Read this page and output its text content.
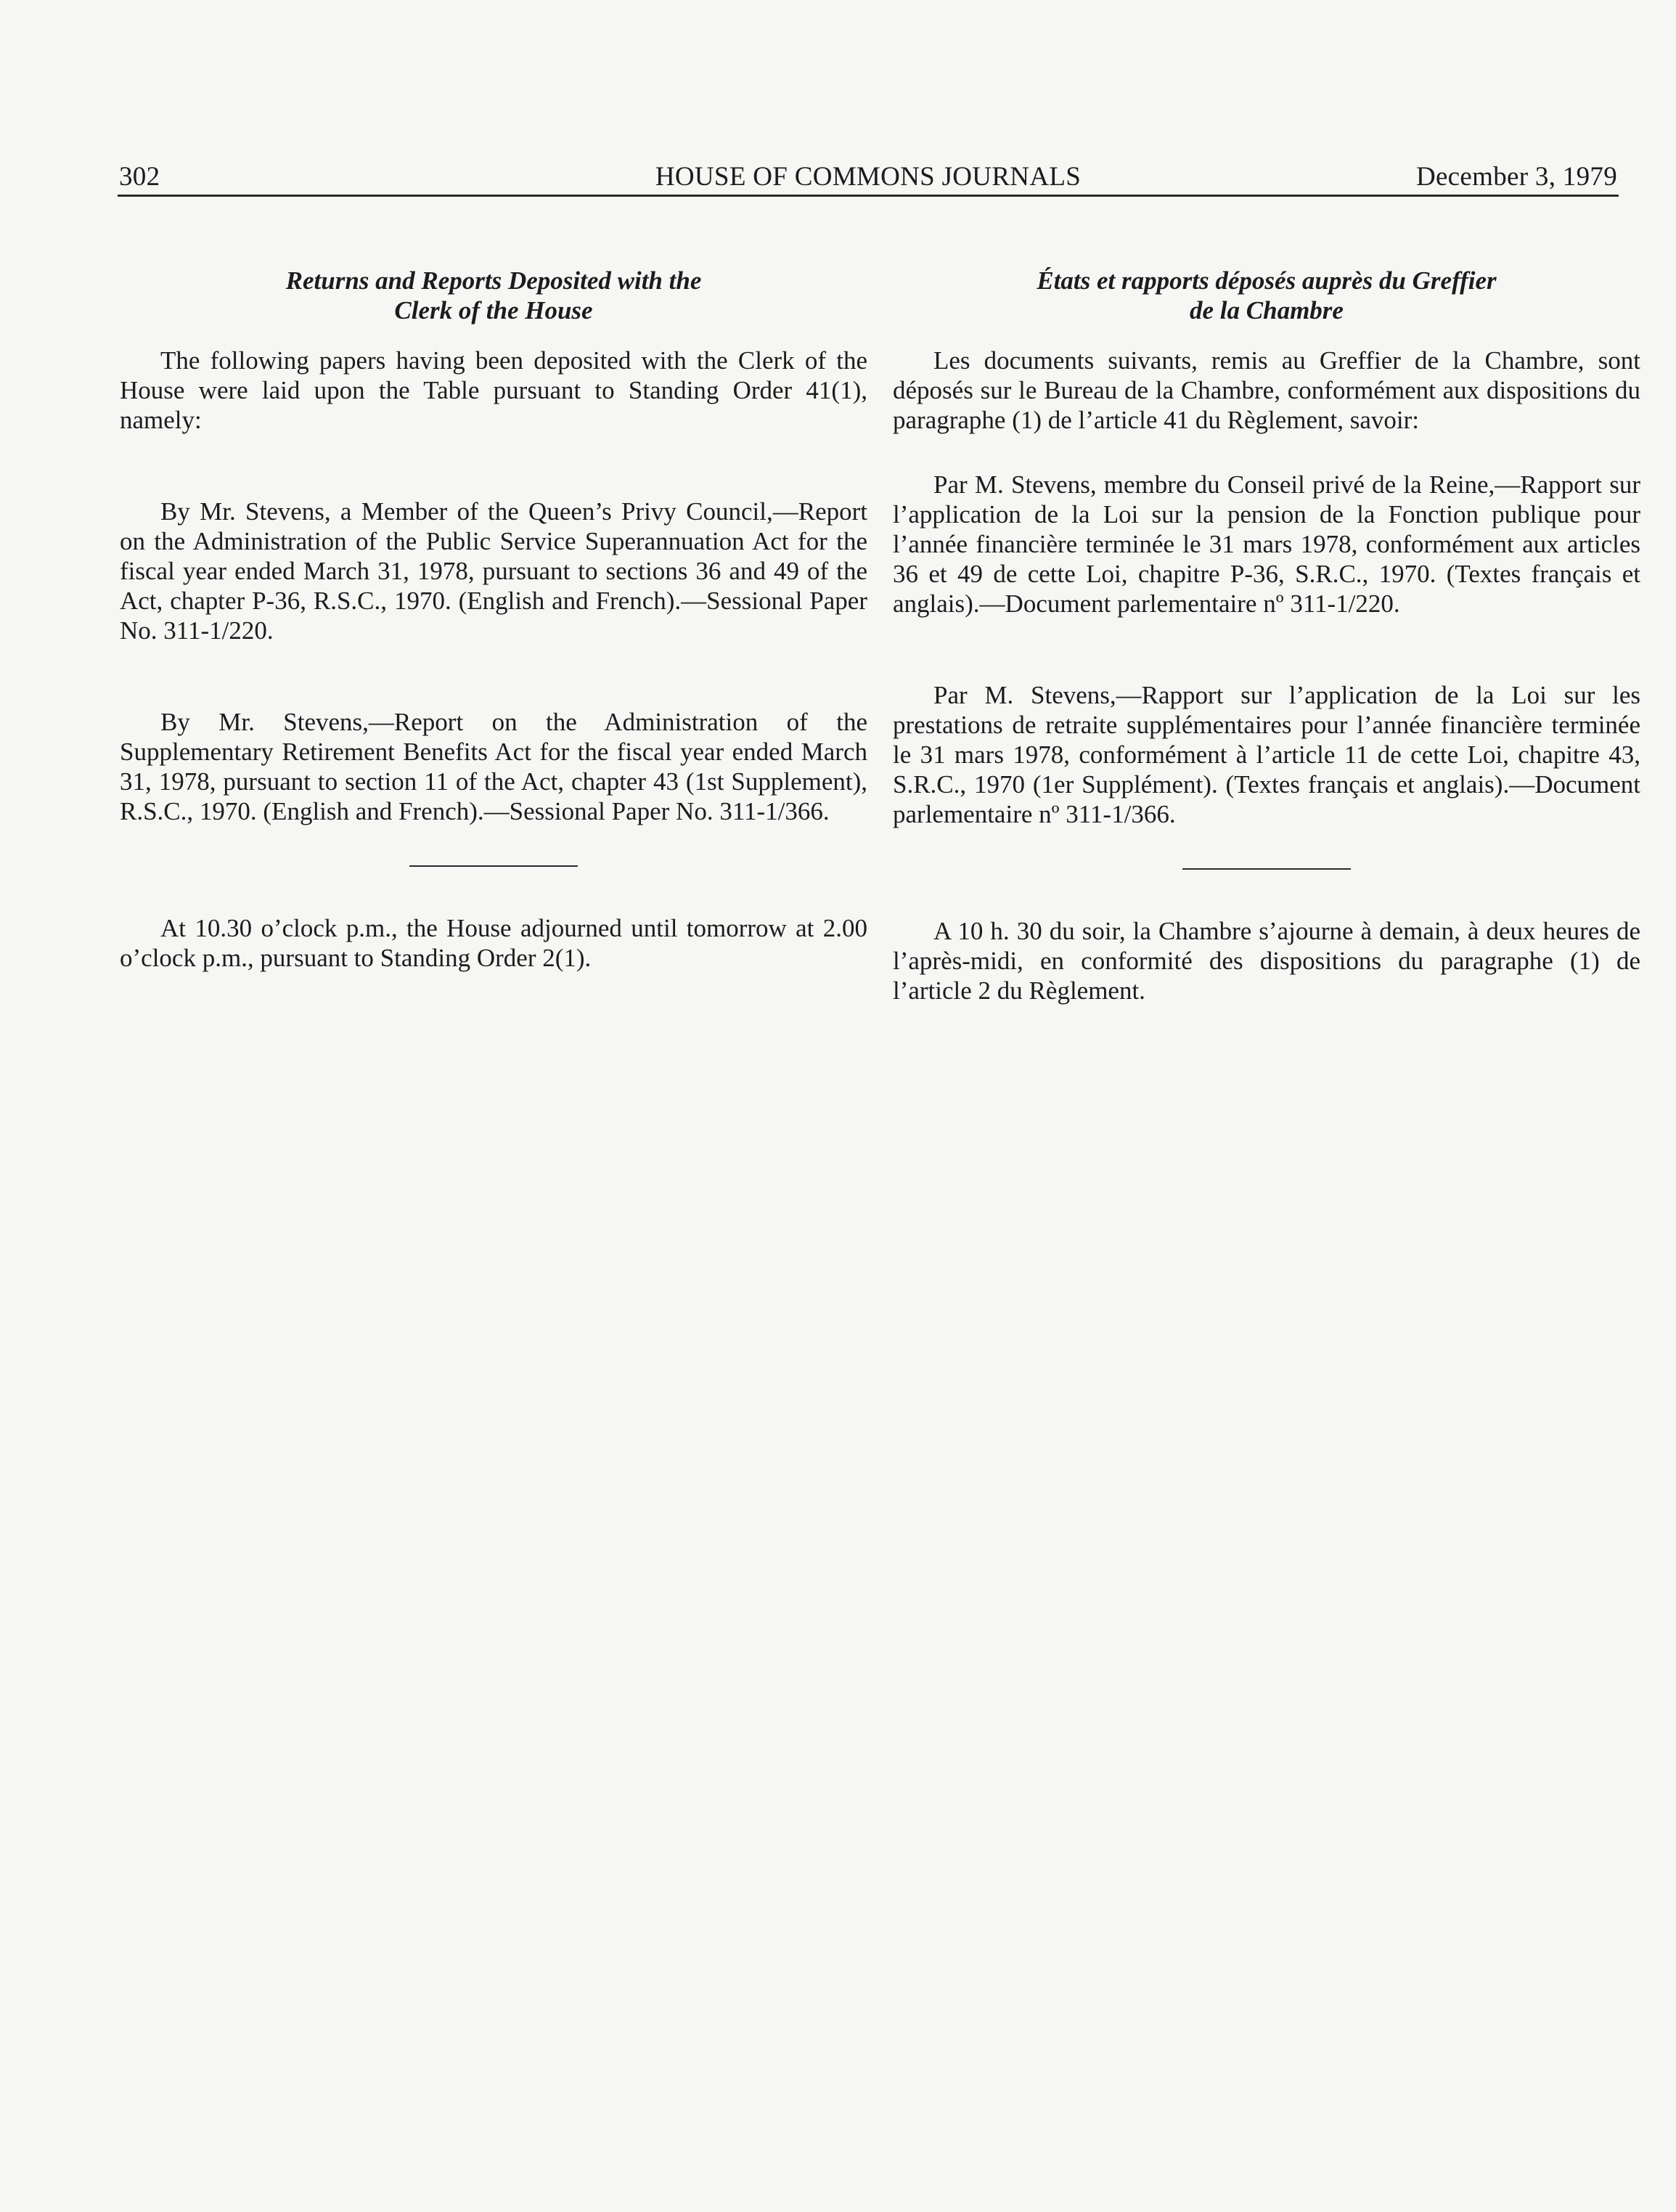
302	HOUSE OF COMMONS JOURNALS	December 3, 1979
Returns and Reports Deposited with the
Clerk of the House

The following papers having been deposited with the Clerk of the House were laid upon the Table pursuant to Standing Order 41(1), namely:

By Mr. Stevens, a Member of the Queen’s Privy Council,—Report on the Administration of the Public Service Superannuation Act for the fiscal year ended March 31, 1978, pursuant to sections 36 and 49 of the Act, chapter P-36, R.S.C., 1970. (English and French).—Sessional Paper No. 311-1/220.

By Mr. Stevens,—Report on the Administration of the Supplementary Retirement Benefits Act for the fiscal year ended March 31, 1978, pursuant to section 11 of the Act, chapter 43 (1st Supplement), R.S.C., 1970. (English and French).—Sessional Paper No. 311-1/366.

At 10.30 o’clock p.m., the House adjourned until tomorrow at 2.00 o’clock p.m., pursuant to Standing Order 2(1).

États et rapports déposés auprès du Greffier
de la Chambre

Les documents suivants, remis au Greffier de la Chambre, sont déposés sur le Bureau de la Chambre, conformément aux dispositions du paragraphe (1) de l’article 41 du Règlement, savoir:

Par M. Stevens, membre du Conseil privé de la Reine,—Rapport sur l’application de la Loi sur la pension de la Fonction publique pour l’année financière terminée le 31 mars 1978, conformément aux articles 36 et 49 de cette Loi, chapitre P-36, S.R.C., 1970. (Textes français et anglais).—Document parlementaire nº 311-1/220.

Par M. Stevens,—Rapport sur l’application de la Loi sur les prestations de retraite supplémentaires pour l’année financière terminée le 31 mars 1978, conformément à l’article 11 de cette Loi, chapitre 43, S.R.C., 1970 (1er Supplément). (Textes français et anglais).—Document parlementaire nº 311-1/366.

A 10 h. 30 du soir, la Chambre s’ajourne à demain, à deux heures de l’après-midi, en conformité des dispositions du paragraphe (1) de l’article 2 du Règlement.
